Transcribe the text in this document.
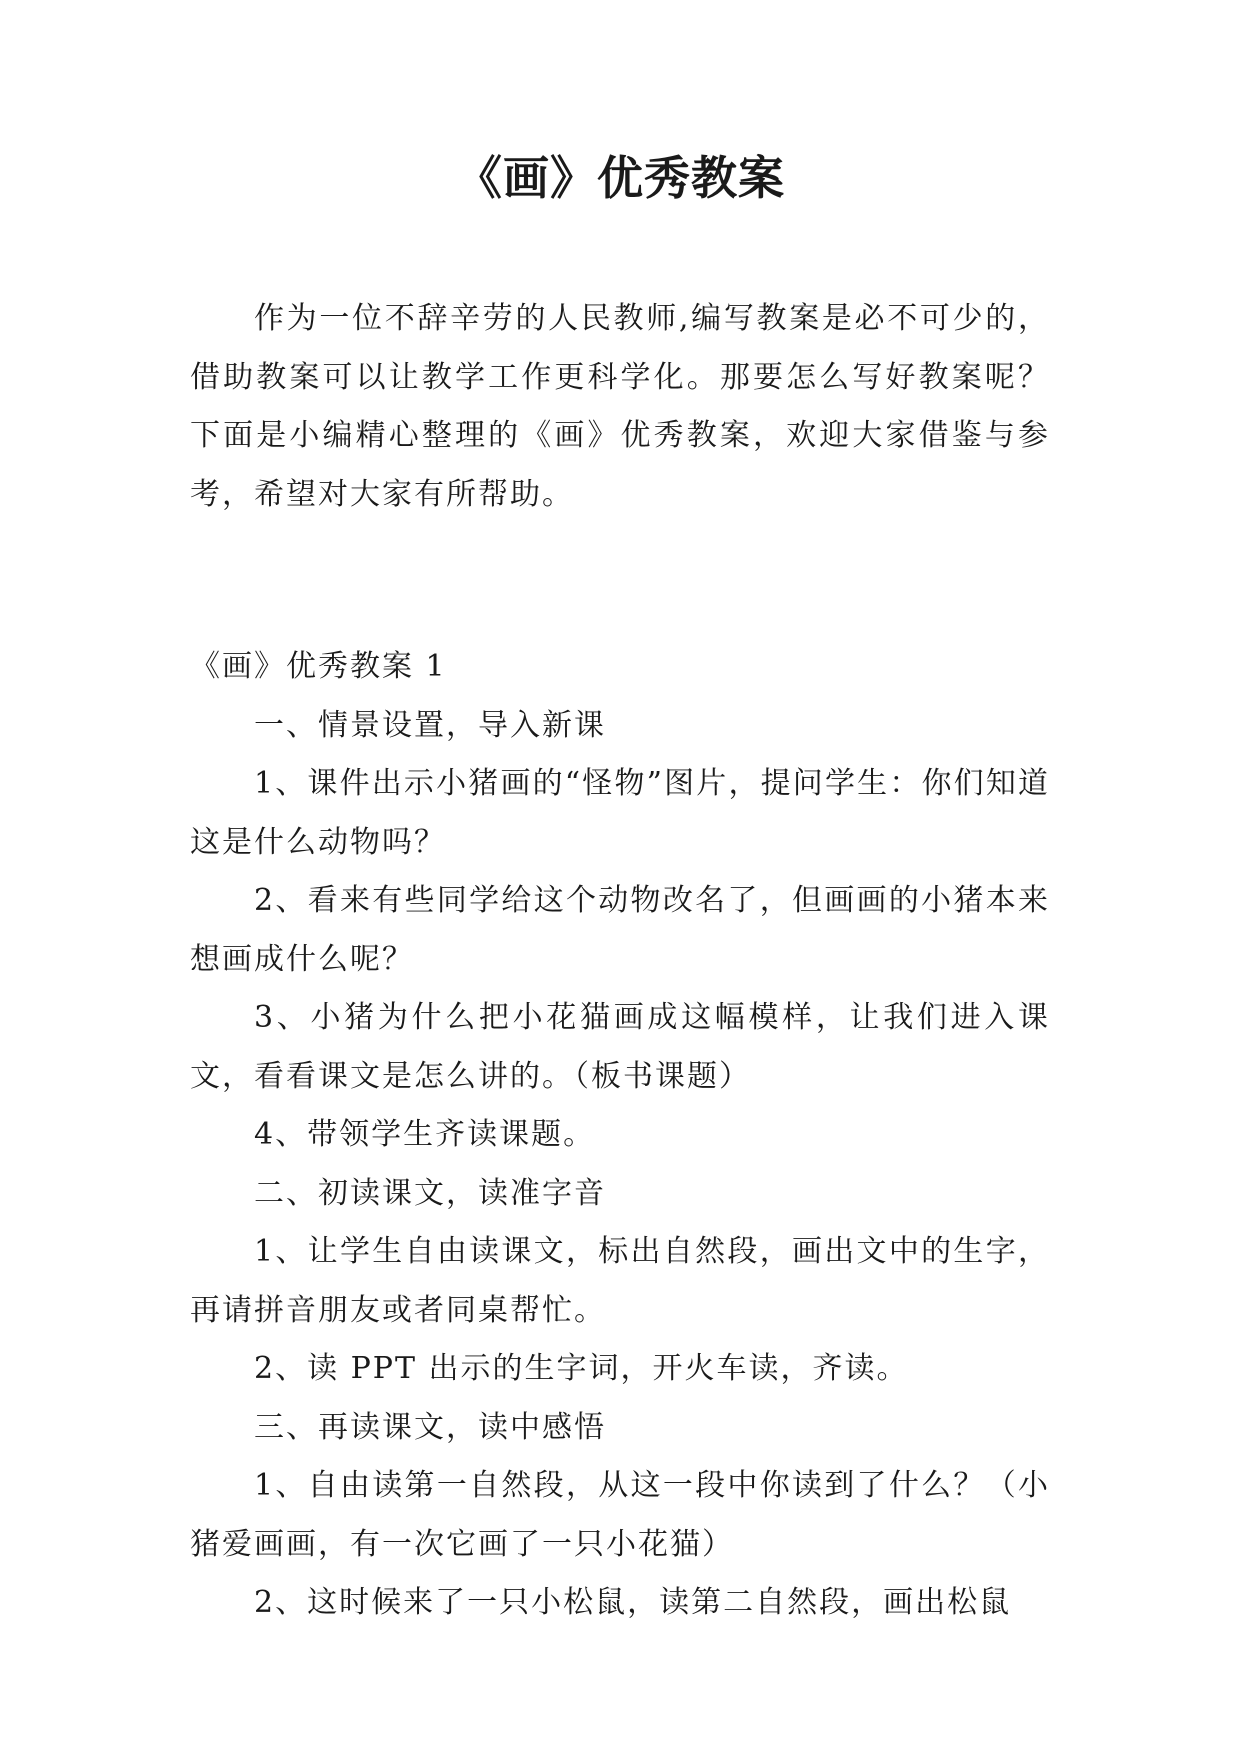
《画》优秀教案

作为一位不辞辛劳的人民教师,编写教案是必不可少的，借助教案可以让教学工作更科学化。那要怎么写好教案呢？下面是小编精心整理的《画》优秀教案，欢迎大家借鉴与参考，希望对大家有所帮助。

《画》优秀教案 1

一、情景设置，导入新课

1、课件出示小猪画的“怪物”图片，提问学生：你们知道这是什么动物吗？

2、看来有些同学给这个动物改名了，但画画的小猪本来想画成什么呢？

3、小猪为什么把小花猫画成这幅模样，让我们进入课文，看看课文是怎么讲的。（板书课题）

4、带领学生齐读课题。

二、初读课文，读准字音

1、让学生自由读课文，标出自然段，画出文中的生字，再请拼音朋友或者同桌帮忙。

2、读 PPT 出示的生字词，开火车读，齐读。

三、再读课文，读中感悟

1、自由读第一自然段，从这一段中你读到了什么？（小猪爱画画，有一次它画了一只小花猫）

2、这时候来了一只小松鼠，读第二自然段，画出松鼠
